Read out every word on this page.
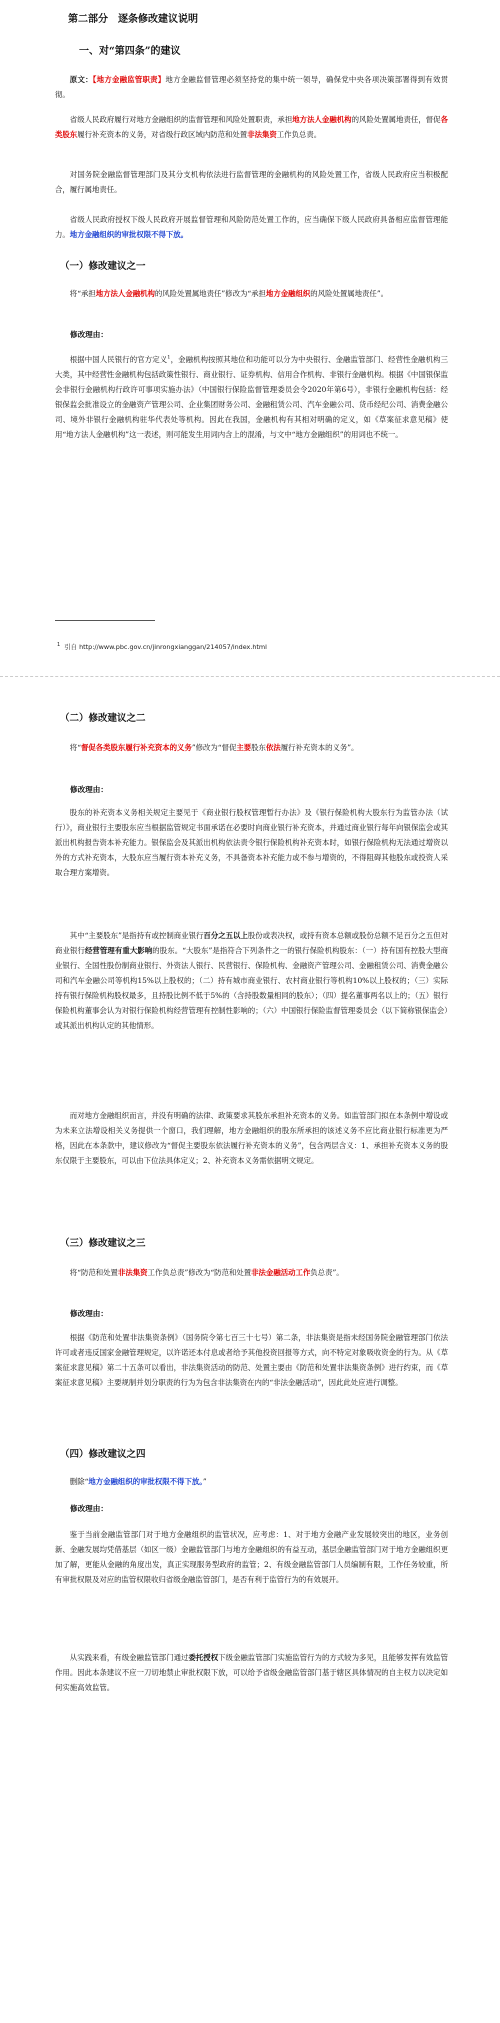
第二部分　逐条修改建议说明

一、对“第四条”的建议

原文：【地方金融监管职责】地方金融监督管理必须坚持党的集中统一领导，确保党中央各项决策部署得到有效贯彻。

省级人民政府履行对地方金融组织的监督管理和风险处置职责，承担地方法人金融机构的风险处置属地责任，督促各类股东履行补充资本的义务，对省级行政区域内防范和处置非法集资工作负总责。

对国务院金融监督管理部门及其分支机构依法进行监督管理的金融机构的风险处置工作，省级人民政府应当积极配合，履行属地责任。

省级人民政府授权下级人民政府开展监督管理和风险防范处置工作的，应当确保下级人民政府具备相应监督管理能力。地方金融组织的审批权限不得下放。

（一）修改建议之一

将“承担地方法人金融机构的风险处置属地责任”修改为“承担地方金融组织的风险处置属地责任”。

修改理由：

根据中国人民银行的官方定义$^1$，金融机构按照其地位和功能可以分为中央银行、金融监管部门、经营性金融机构三大类，其中经营性金融机构包括政策性银行、商业银行、证券机构、信用合作机构、非银行金融机构。根据《中国银保监会非银行金融机构行政许可事项实施办法》（中国银行保险监督管理委员会令2020年第6号），非银行金融机构包括：经银保监会批准设立的金融资产管理公司、企业集团财务公司、金融租赁公司、汽车金融公司、货币经纪公司、消费金融公司、境外非银行金融机构驻华代表处等机构。因此在我国，金融机构有其相对明确的定义，如《草案征求意见稿》使用“地方法人金融机构”这一表述，则可能发生用词内含上的混淆，与文中“地方金融组织”的用词也不统一。

$^1$ 引自 http://www.pbc.gov.cn/jinrongxianggan/214057/index.html

（二）修改建议之二

将“督促各类股东履行补充资本的义务”修改为“督促主要股东依法履行补充资本的义务”。

修改理由：

股东的补充资本义务相关规定主要见于《商业银行股权管理暂行办法》及《银行保险机构大股东行为监管办法（试行）》，商业银行主要股东应当根据监管规定书面承诺在必要时向商业银行补充资本，并通过商业银行每年向银保监会或其派出机构报告资本补充能力。银保监会及其派出机构依法责令银行保险机构补充资本时，如银行保险机构无法通过增资以外的方式补充资本，大股东应当履行资本补充义务，不具备资本补充能力或不参与增资的，不得阻碍其他股东或投资人采取合理方案增资。

其中“主要股东”是指持有或控制商业银行百分之五以上股份或表决权，或持有资本总额或股份总额不足百分之五但对商业银行经营管理有重大影响的股东。“大股东”是指符合下列条件之一的银行保险机构股东：（一）持有国有控股大型商业银行、全国性股份制商业银行、外资法人银行、民营银行、保险机构、金融资产管理公司、金融租赁公司、消费金融公司和汽车金融公司等机构15%以上股权的；（二）持有城市商业银行、农村商业银行等机构10%以上股权的；（三）实际持有银行保险机构股权最多，且持股比例不低于5%的（含持股数量相同的股东）；（四）提名董事两名以上的；（五）银行保险机构董事会认为对银行保险机构经营管理有控制性影响的；（六）中国银行保险监督管理委员会（以下简称银保监会）或其派出机构认定的其他情形。

而对地方金融组织而言，并没有明确的法律、政策要求其股东承担补充资本的义务。如监管部门拟在本条例中增设或为未来立法增设相关义务提供一个窗口，我们理解，地方金融组织的股东所承担的该述义务不应比商业银行标准更为严格，因此在本条款中，建议修改为“督促主要股东依法履行补充资本的义务”，包含两层含义：1、承担补充资本义务的股东仅限于主要股东，可以由下位法具体定义；2、补充资本义务需依据明文规定。

（三）修改建议之三

将“防范和处置非法集资工作负总责”修改为“防范和处置非法金融活动工作负总责”。

修改理由：

根据《防范和处置非法集资条例》（国务院令第七百三十七号）第二条，非法集资是指未经国务院金融管理部门依法许可或者违反国家金融管理规定，以许诺还本付息或者给予其他投资回报等方式，向不特定对象吸收资金的行为。从《草案征求意见稿》第二十五条可以看出，非法集资活动的防范、处置主要由《防范和处置非法集资条例》进行约束，而《草案征求意见稿》主要规制并划分职责的行为为包含非法集资在内的“非法金融活动”，因此此处应进行调整。

（四）修改建议之四

删除“地方金融组织的审批权限不得下放。”

修改理由：

鉴于当前金融监管部门对于地方金融组织的监管状况，应考虑：1、对于地方金融产业发展较突出的地区，业务创新、金融发展均凭借基层（如区一级）金融监管部门与地方金融组织的有益互动，基层金融监管部门对于地方金融组织更加了解，更能从金融的角度出发，真正实现服务型政府的监管；2、有级金融监管部门人员编制有限，工作任务较重，所有审批权限及对应的监管权限收归省级金融监管部门，是否有利于监管行为的有效展开。

从实践来看，有级金融监管部门通过委托授权下级金融监管部门实施监管行为的方式较为多见，且能够发挥有效监管作用。因此本条建议不应一刀切地禁止审批权限下放，可以给予省级金融监管部门基于辖区具体情况的自主权力以决定如何实施高效监管。
